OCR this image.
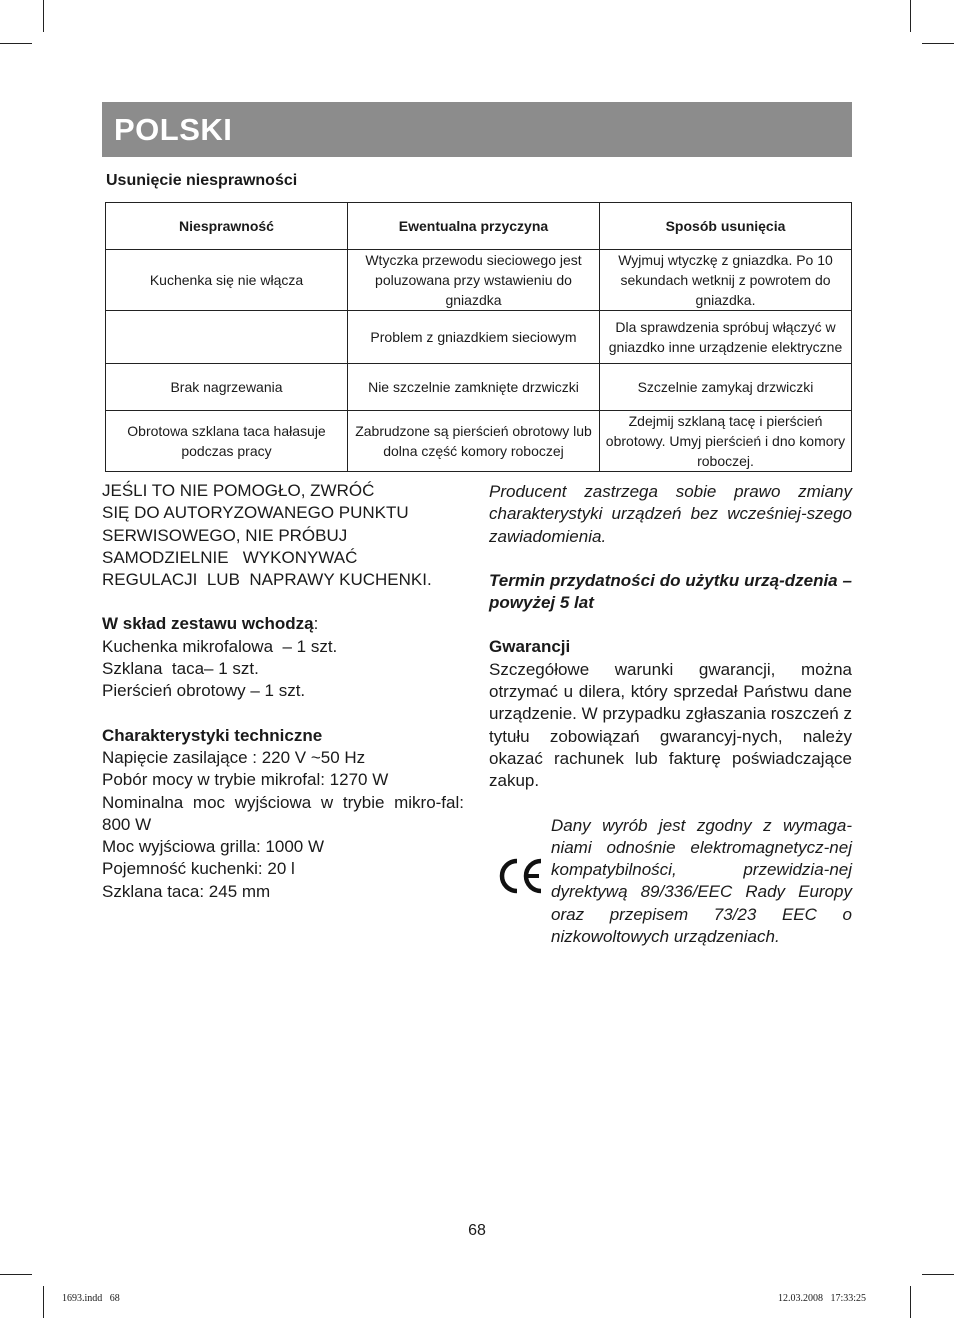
POLSKI
Usunięcie niesprawności
Niesprawność	Ewentualna przyczyna	Sposób usunięcia
Kuchenka się nie włącza	Wtyczka przewodu sieciowego jest poluzowana przy wstawieniu do gniazdka	Wyjmuj wtyczkę z gniazdka. Po 10 sekundach wetknij z powrotem do gniazdka.
	Problem z gniazdkiem sieciowym	Dla sprawdzenia spróbuj włączyć w gniazdko inne urządzenie elektryczne
Brak nagrzewania	Nie szczelnie zamknięte drzwiczki	Szczelnie zamykaj drzwiczki
Obrotowa szklana taca hałasuje podczas pracy	Zabrudzone są pierścień obrotowy lub dolna część komory roboczej	Zdejmij szklaną tacę i pierścień obrotowy. Umyj pierścień i dno komory roboczej.

JEŚLI TO NIE POMOGŁO, ZWRÓĆ
SIĘ DO AUTORYZOWANEGO PUNKTU
SERWISOWEGO, NIE PRÓBUJ
SAMODZIELNIE   WYKONYWAĆ
REGULACJI  LUB  NAPRAWY KUCHENKI.

W skład zestawu wchodzą:
Kuchenka mikrofalowa  – 1 szt.
Szklana  taca– 1 szt.
Pierścień obrotowy – 1 szt.

Charakterystyki techniczne
Napięcie zasilające : 220 V ~50 Hz
Pobór mocy w trybie mikrofal: 1270 W

Nominalna moc wyjściowa w trybie mikro-fal: 800 W
Moc wyjściowa grilla: 1000 W
Pojemność kuchenki: 20 l
Szklana taca: 245 mm

Producent zastrzega sobie prawo zmiany charakterystyki urządzeń bez wcześniej-szego zawiadomienia.

Termin przydatności do użytku urzą-dzenia – powyżej 5 lat

Gwarancji

Szczegółowe warunki gwarancji, można otrzymać u dilera, który sprzedał Państwu dane urządzenie. W przypadku zgłaszania roszczeń z tytułu zobowiązań gwarancyj-nych, należy okazać rachunek lub fakturę poświadczające zakup.

Dany wyrób jest zgodny z wymaga-niami odnośnie elektromagnetycz-nej kompatybilności, przewidzia-nej dyrektywą 89/336/EEC Rady Europy oraz przepisem 73/23 EEC o nizkowoltowych urządzeniach.
68
1693.indd   68	12.03.2008   17:33:25
